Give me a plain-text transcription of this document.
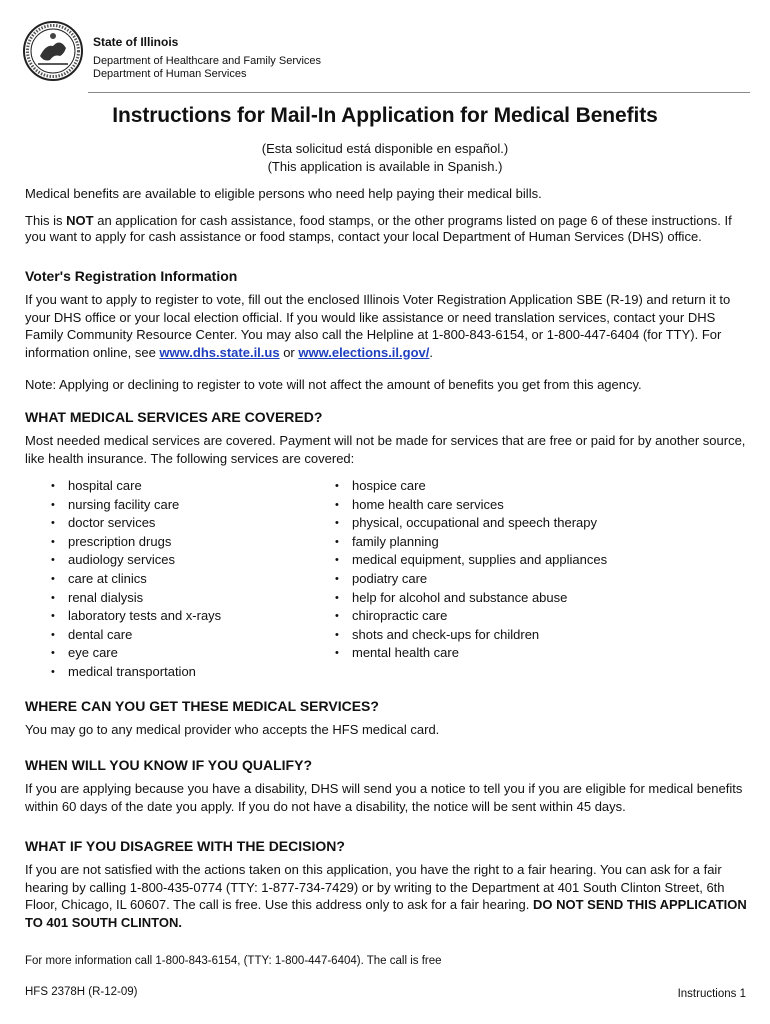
State of Illinois
Department of Healthcare and Family Services
Department of Human Services
Instructions for Mail-In Application for Medical Benefits
(Esta solicitud está disponible en español.)
(This application is available in Spanish.)

Medical benefits are available to eligible persons who need help paying their medical bills.

This is NOT an application for cash assistance, food stamps, or the other programs listed on page 6 of these instructions. If you want to apply for cash assistance or food stamps, contact your local Department of Human Services (DHS) office.

Voter's Registration Information

If you want to apply to register to vote, fill out the enclosed Illinois Voter Registration Application SBE (R-19) and return it to your DHS office or your local election official. If you would like assistance or need translation services, contact your DHS Family Community Resource Center. You may also call the Helpline at 1-800-843-6154, or 1-800-447-6404 (for TTY). For information online, see www.dhs.state.il.us or www.elections.il.gov/.

Note: Applying or declining to register to vote will not affect the amount of benefits you get from this agency.

WHAT MEDICAL SERVICES ARE COVERED?

Most needed medical services are covered. Payment will not be made for services that are free or paid for by another source, like health insurance. The following services are covered:

• hospital care
• nursing facility care
• doctor services
• prescription drugs
• audiology services
• care at clinics
• renal dialysis
• laboratory tests and x-rays
• dental care
• eye care
• medical transportation
• hospice care
• home health care services
• physical, occupational and speech therapy
• family planning
• medical equipment, supplies and appliances
• podiatry care
• help for alcohol and substance abuse
• chiropractic care
• shots and check-ups for children
• mental health care
WHERE CAN YOU GET THESE MEDICAL SERVICES?

You may go to any medical provider who accepts the HFS medical card.

WHEN WILL YOU KNOW IF YOU QUALIFY?

If you are applying because you have a disability, DHS will send you a notice to tell you if you are eligible for medical benefits within 60 days of the date you apply. If you do not have a disability, the notice will be sent within 45 days.

WHAT IF YOU DISAGREE WITH THE DECISION?

If you are not satisfied with the actions taken on this application, you have the right to a fair hearing. You can ask for a fair hearing by calling 1-800-435-0774 (TTY: 1-877-734-7429) or by writing to the Department at 401 South Clinton Street, 6th Floor, Chicago, IL 60607. The call is free. Use this address only to ask for a fair hearing. DO NOT SEND THIS APPLICATION TO 401 SOUTH CLINTON.

For more information call 1-800-843-6154, (TTY: 1-800-447-6404). The call is free
HFS 2378H (R-12-09)	Instructions 1
